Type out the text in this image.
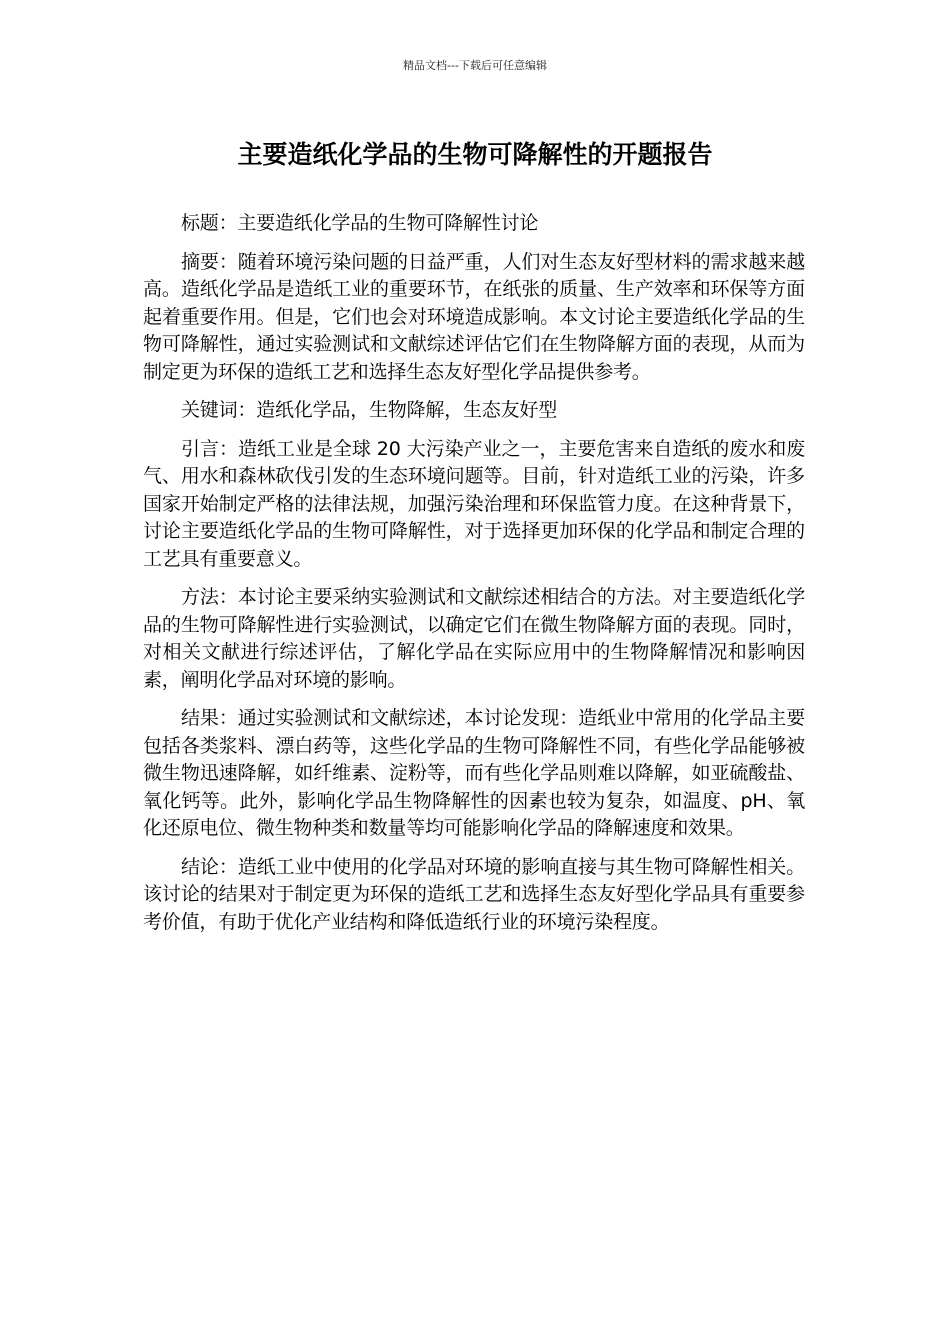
精品文档---下载后可任意编辑
主要造纸化学品的生物可降解性的开题报告

标题：主要造纸化学品的生物可降解性讨论

摘要：随着环境污染问题的日益严重，人们对生态友好型材料的需求越来越高。造纸化学品是造纸工业的重要环节，在纸张的质量、生产效率和环保等方面起着重要作用。但是，它们也会对环境造成影响。本文讨论主要造纸化学品的生物可降解性，通过实验测试和文献综述评估它们在生物降解方面的表现，从而为制定更为环保的造纸工艺和选择生态友好型化学品提供参考。

关键词：造纸化学品，生物降解，生态友好型

引言：造纸工业是全球 20 大污染产业之一，主要危害来自造纸的废水和废气、用水和森林砍伐引发的生态环境问题等。目前，针对造纸工业的污染，许多国家开始制定严格的法律法规，加强污染治理和环保监管力度。在这种背景下，讨论主要造纸化学品的生物可降解性，对于选择更加环保的化学品和制定合理的工艺具有重要意义。

方法：本讨论主要采纳实验测试和文献综述相结合的方法。对主要造纸化学品的生物可降解性进行实验测试，以确定它们在微生物降解方面的表现。同时，对相关文献进行综述评估，了解化学品在实际应用中的生物降解情况和影响因素，阐明化学品对环境的影响。

结果：通过实验测试和文献综述，本讨论发现：造纸业中常用的化学品主要包括各类浆料、漂白药等，这些化学品的生物可降解性不同，有些化学品能够被微生物迅速降解，如纤维素、淀粉等，而有些化学品则难以降解，如亚硫酸盐、氧化钙等。此外，影响化学品生物降解性的因素也较为复杂，如温度、pH、氧化还原电位、微生物种类和数量等均可能影响化学品的降解速度和效果。

结论：造纸工业中使用的化学品对环境的影响直接与其生物可降解性相关。该讨论的结果对于制定更为环保的造纸工艺和选择生态友好型化学品具有重要参考价值，有助于优化产业结构和降低造纸行业的环境污染程度。
